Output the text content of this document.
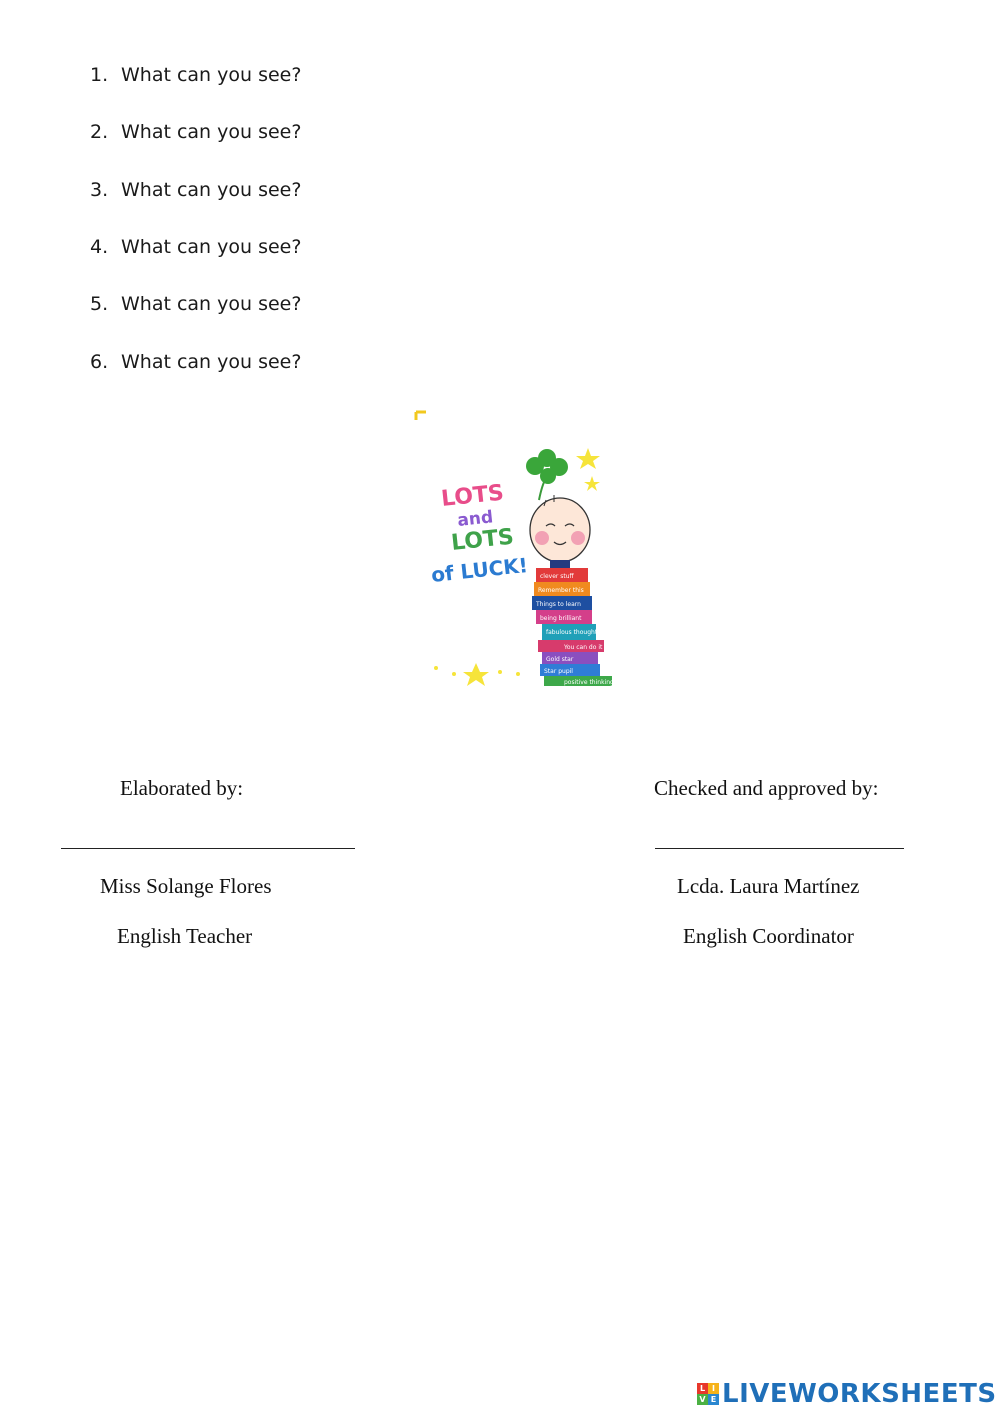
1. What can you see?
2. What can you see?
3. What can you see?
4. What can you see?
5. What can you see?
6. What can you see?
LOTS
and
LOTS
of LUCK! clever stuff
Remember this
Things to learn
being brilliant
fabulous thoughts
You can do it
Gold star
Star pupil
positive thinking
Elaborated by:	Checked and approved by:
Miss Solange Flores	Lcda. Laura Martínez
English Teacher	English Coordinator
L I
V E LIVEWORKSHEETS
